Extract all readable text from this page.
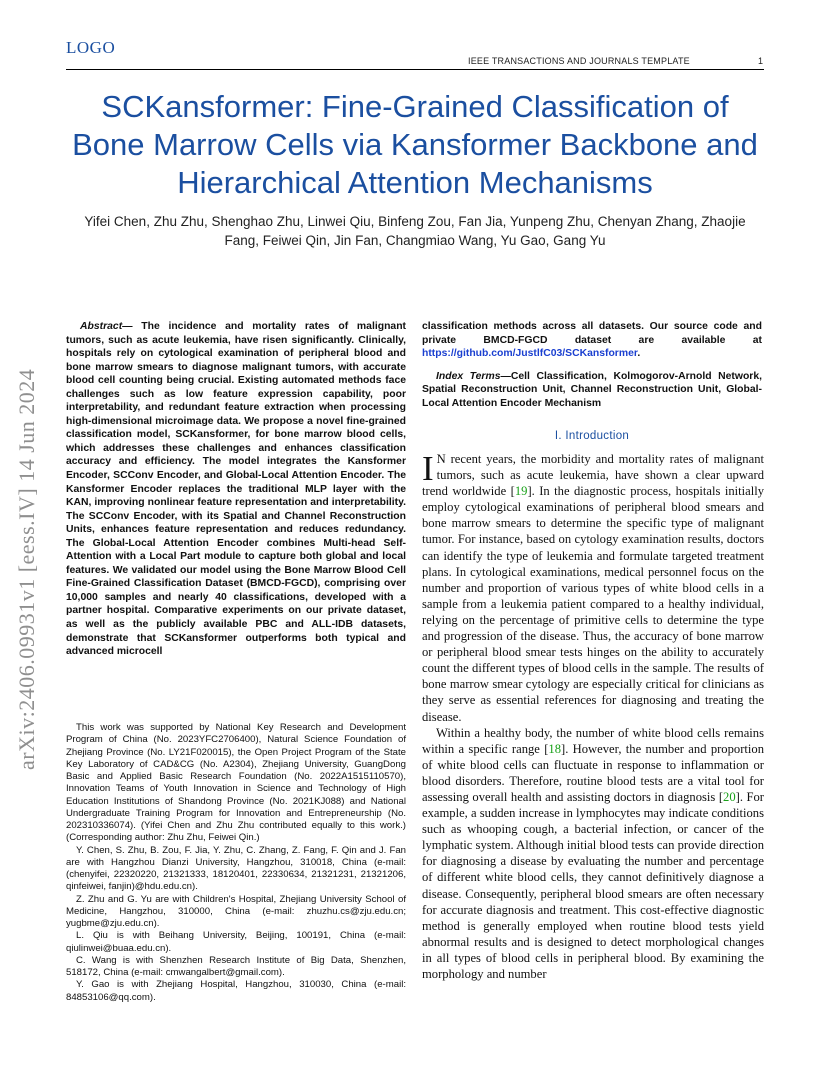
LOGO
IEEE TRANSACTIONS AND JOURNALS TEMPLATE	1
SCKansformer: Fine-Grained Classification of Bone Marrow Cells via Kansformer Backbone and Hierarchical Attention Mechanisms
Yifei Chen, Zhu Zhu, Shenghao Zhu, Linwei Qiu, Binfeng Zou, Fan Jia, Yunpeng Zhu, Chenyan Zhang, Zhaojie Fang, Feiwei Qin, Jin Fan, Changmiao Wang, Yu Gao, Gang Yu
arXiv:2406.09931v1 [eess.IV] 14 Jun 2024
Abstract— The incidence and mortality rates of malignant tumors, such as acute leukemia, have risen significantly. Clinically, hospitals rely on cytological examination of peripheral blood and bone marrow smears to diagnose malignant tumors, with accurate blood cell counting being crucial. Existing automated methods face challenges such as low feature expression capability, poor interpretability, and redundant feature extraction when processing high-dimensional microimage data. We propose a novel fine-grained classification model, SCKansformer, for bone marrow blood cells, which addresses these challenges and enhances classification accuracy and efficiency. The model integrates the Kansformer Encoder, SCConv Encoder, and Global-Local Attention Encoder. The Kansformer Encoder replaces the traditional MLP layer with the KAN, improving nonlinear feature representation and interpretability. The SCConv Encoder, with its Spatial and Channel Reconstruction Units, enhances feature representation and reduces redundancy. The Global-Local Attention Encoder combines Multi-head Self-Attention with a Local Part module to capture both global and local features. We validated our model using the Bone Marrow Blood Cell Fine-Grained Classification Dataset (BMCD-FGCD), comprising over 10,000 samples and nearly 40 classifications, developed with a partner hospital. Comparative experiments on our private dataset, as well as the publicly available PBC and ALL-IDB datasets, demonstrate that SCKansformer outperforms both typical and advanced microcell

This work was supported by National Key Research and Development Program of China (No. 2023YFC2706400), Natural Science Foundation of Zhejiang Province (No. LY21F020015), the Open Project Program of the State Key Laboratory of CAD&CG (No. A2304), Zhejiang University, GuangDong Basic and Applied Basic Research Foundation (No. 2022A1515110570), Innovation Teams of Youth Innovation in Science and Technology of High Education Institutions of Shandong Province (No. 2021KJ088) and National Undergraduate Training Program for Innovation and Entrepreneurship (No. 202310336074). (Yifei Chen and Zhu Zhu contributed equally to this work.) (Corresponding author: Zhu Zhu, Feiwei Qin.)

Y. Chen, S. Zhu, B. Zou, F. Jia, Y. Zhu, C. Zhang, Z. Fang, F. Qin and J. Fan are with Hangzhou Dianzi University, Hangzhou, 310018, China (e-mail:(chenyifei, 22320220, 21321333, 18120401, 22330634, 21321231, 21321206, qinfeiwei, fanjin)@hdu.edu.cn).

Z. Zhu and G. Yu are with Children's Hospital, Zhejiang University School of Medicine, Hangzhou, 310000, China (e-mail: zhuzhu.cs@zju.edu.cn; yugbme@zju.edu.cn).

L. Qiu is with Beihang University, Beijing, 100191, China (e-mail: qiulinwei@buaa.edu.cn).

C. Wang is with Shenzhen Research Institute of Big Data, Shenzhen, 518172, China (e-mail: cmwangalbert@gmail.com).

Y. Gao is with Zhejiang Hospital, Hangzhou, 310030, China (e-mail: 84853106@qq.com).

classification methods across all datasets. Our source code and private BMCD-FGCD dataset are available at https://github.com/JustlfC03/SCKansformer.
Index Terms—Cell Classification, Kolmogorov-Arnold Network, Spatial Reconstruction Unit, Channel Reconstruction Unit, Global-Local Attention Encoder Mechanism
I. Introduction

I N recent years, the morbidity and mortality rates of malignant tumors, such as acute leukemia, have shown a clear upward trend worldwide [19]. In the diagnostic process, hospitals initially employ cytological examinations of peripheral blood smears and bone marrow smears to determine the specific type of malignant tumor. For instance, based on cytology examination results, doctors can identify the type of leukemia and formulate targeted treatment plans. In cytological examinations, medical personnel focus on the number and proportion of various types of white blood cells in a sample from a leukemia patient compared to a healthy individual, relying on the percentage of primitive cells to determine the type and progression of the disease. Thus, the accuracy of bone marrow or peripheral blood smear tests hinges on the ability to accurately count the different types of blood cells in the sample. The results of bone marrow smear cytology are especially critical for clinicians as they serve as essential references for diagnosing and treating the disease.

Within a healthy body, the number of white blood cells remains within a specific range [18]. However, the number and proportion of white blood cells can fluctuate in response to inflammation or blood disorders. Therefore, routine blood tests are a vital tool for assessing overall health and assisting doctors in diagnosis [20]. For example, a sudden increase in lymphocytes may indicate conditions such as whooping cough, a bacterial infection, or cancer of the lymphatic system. Although initial blood tests can provide direction for diagnosing a disease by evaluating the number and percentage of different white blood cells, they cannot definitively diagnose a disease. Consequently, peripheral blood smears are often necessary for accurate diagnosis and treatment. This cost-effective diagnostic method is generally employed when routine blood tests yield abnormal results and is designed to detect morphological changes in all types of blood cells in peripheral blood. By examining the morphology and number
